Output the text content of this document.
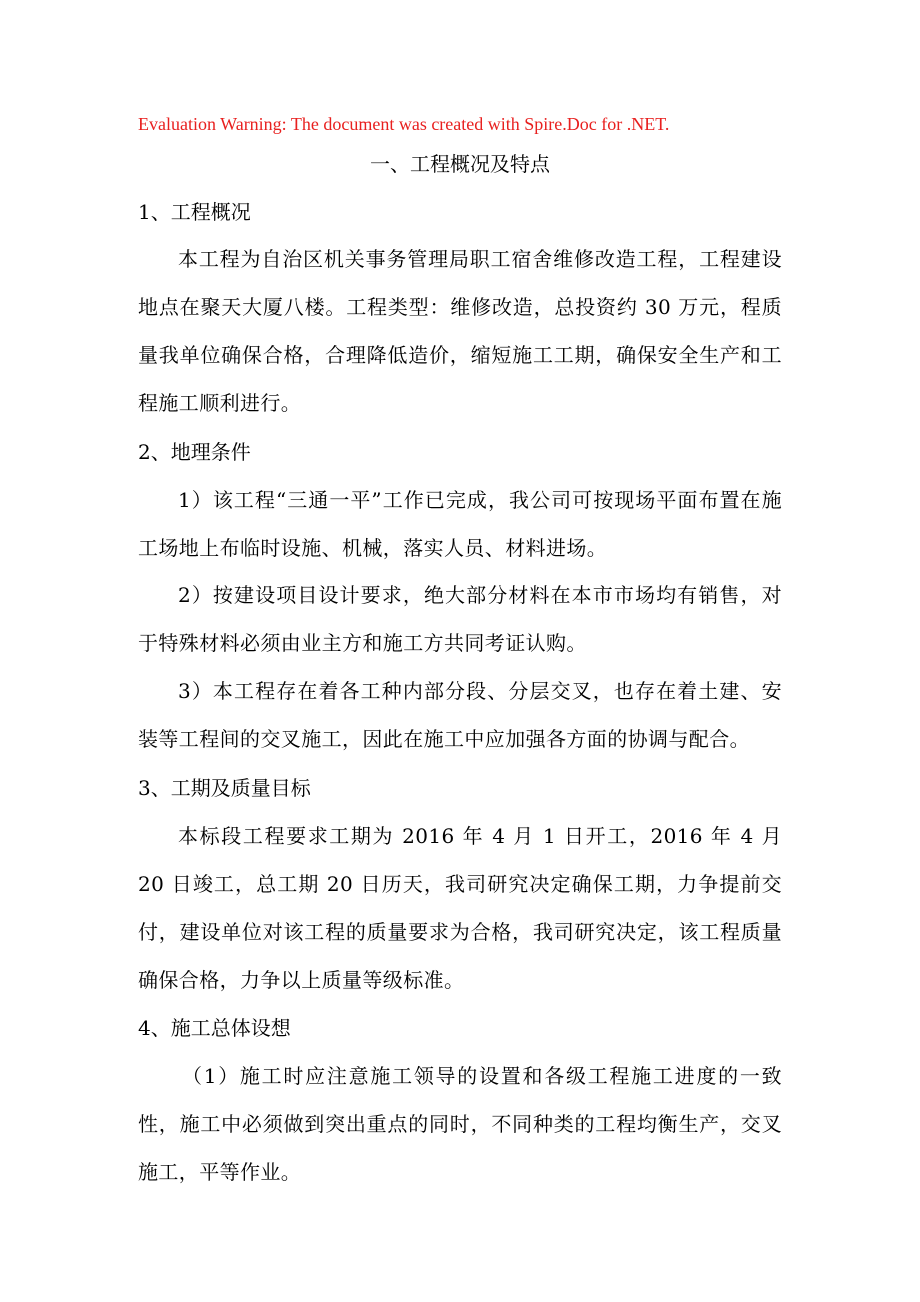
Evaluation Warning: The document was created with Spire.Doc for .NET.
一、工程概况及特点
1、工程概况
本工程为自治区机关事务管理局职工宿舍维修改造工程，工程建设地点在聚天大厦八楼。工程类型：维修改造，总投资约 30 万元，程质量我单位确保合格，合理降低造价，缩短施工工期，确保安全生产和工程施工顺利进行。
2、地理条件
1）该工程“三通一平”工作已完成，我公司可按现场平面布置在施工场地上布临时设施、机械，落实人员、材料进场。
2）按建设项目设计要求，绝大部分材料在本市市场均有销售，对于特殊材料必须由业主方和施工方共同考证认购。
3）本工程存在着各工种内部分段、分层交叉，也存在着土建、安装等工程间的交叉施工，因此在施工中应加强各方面的协调与配合。
3、工期及质量目标
本标段工程要求工期为 2016 年 4 月 1 日开工，2016 年 4 月 20 日竣工，总工期 20 日历天，我司研究决定确保工期，力争提前交付，建设单位对该工程的质量要求为合格，我司研究决定，该工程质量确保合格，力争以上质量等级标准。
4、施工总体设想
（1）施工时应注意施工领导的设置和各级工程施工进度的一致性，施工中必须做到突出重点的同时，不同种类的工程均衡生产，交叉施工，平等作业。
